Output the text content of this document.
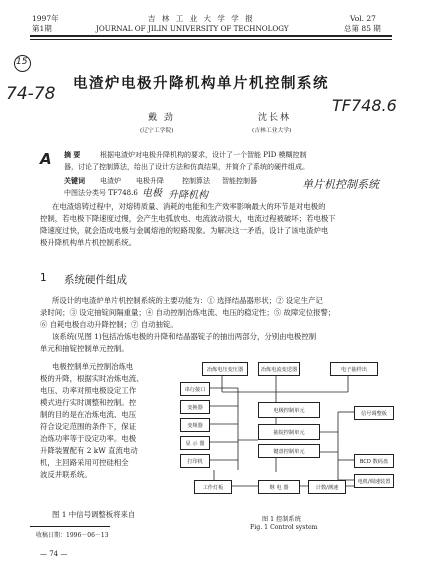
1997年
第1期
吉 林 工 业 大 学 学 报
JOURNAL OF JILIN UNIVERSITY OF TECHNOLOGY
Vol. 27
总第 85 期
15
74-78
TF748.6
电渣炉电极升降机构单片机控制系统
戴 劲
(辽宁工学院)
沈长林
(吉林工业大学)
A 摘 要	根据电渣炉对电极升降机构的要求，设计了一个智能 PID 模糊控制
器，讨论了控制算法，给出了设计方法和仿真结果，并简介了系统的硬件组成。
关键词 电渣炉 电极升降	控制算法 智能控制器
中图法分类号 TF748.6 电极 升降机构
单片机控制系统
在电渣熔铸过程中，对熔铸质量、消耗的电能和生产效率影响最大的环节是对电极的
控制，若电极下降速度过慢，会产生电弧放电、电流波动很大，电流过程被破坏；若电极下
降速度过快，就会造成电极与金属熔池的短路现象。为解决这一矛盾，设计了该电渣炉电
极升降机构单片机控制系统。
1 系统硬件组成
所设计的电渣炉单片机控制系统的主要功能为：① 选择结晶器形状；② 设定生产记
录时间；③ 设定抽锭间隔重量；④ 自动控制冶炼电流、电压的稳定性；⑤ 故障定位报警；
⑥ 自耗电极自动升降控制；⑦ 自动抽锭。
该系统(见图 1)包括冶炼电极的升降和结晶器锭子的抽出两部分，分别由电极控制
单元和抽锭控制单元控制。
电极控制单元控制冶炼电
极的升降，根据实时冶炼电流、
电压、功率对照电极设定工作
模式进行实时调整和控制。控
制的目的是在冶炼电流、电压
符合设定范围的条件下，保证
冶炼功率等于设定功率。电极
升降装置配有 2 kW 直流电动
机，主回路采用可控硅相全
波反并联系统。
图 1 中信号调整板将来自
冶炼电压变压器	冶炼电流变送器	电子抽样出
串行接口
变换器
变频器
显 示 器
打印机
电极控制单元
抽锭控制单元
键盘控制单元
信号调整板
BCD 数码盘
电机/调速装置
工作灯板	继 电 器	计数/测速
图 1 控制系统
Fig. 1 Control system
收稿日期：1996－06－13
— 74 —
